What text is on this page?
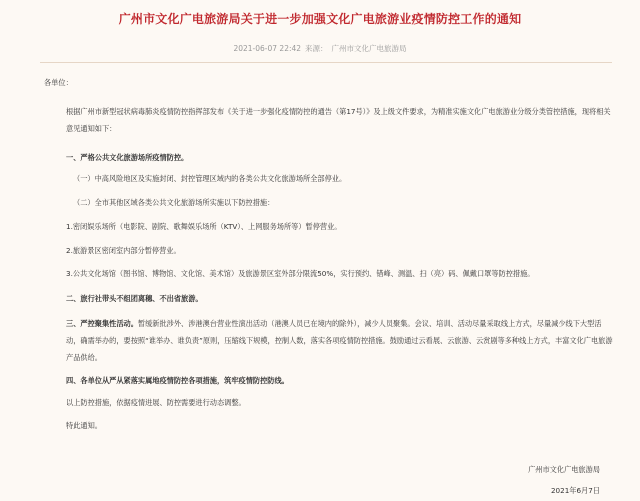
广州市文化广电旅游局关于进一步加强文化广电旅游业疫情防控工作的通知
2021-06-07 22:42 来源： 广州市文化广电旅游局
各单位：
根据广州市新型冠状病毒肺炎疫情防控指挥部发布《关于进一步强化疫情防控的通告（第17号）》及上级文件要求，为精准实施文化广电旅游业分级分类管控措施，现将相关意见通知如下：
一、严格公共文化旅游场所疫情防控。
（一）中高风险地区及实施封闭、封控管理区域内的各类公共文化旅游场所全部停业。
（二）全市其他区域各类公共文化旅游场所实施以下防控措施：
1.密闭娱乐场所（电影院、剧院、歌舞娱乐场所（KTV）、上网服务场所等）暂停营业。
2.旅游景区密闭室内部分暂停营业。
3.公共文化场馆（图书馆、博物馆、文化馆、美术馆）及旅游景区室外部分限流50%，实行预约、错峰、测温、扫（亮）码、佩戴口罩等防控措施。
二、旅行社带头不组团离穗、不出省旅游。
三、严控聚集性活动。暂缓新批涉外、涉港澳台营业性演出活动（港澳人员已在境内的除外），减少人员聚集。会议、培训、活动尽量采取线上方式，尽量减少线下大型活动，确需举办的，要按照“谁举办、谁负责”原则，压缩线下规模，控制人数，落实各项疫情防控措施。鼓励通过云看展、云旅游、云赏剧等多种线上方式，丰富文化广电旅游产品供给。
四、各单位从严从紧落实属地疫情防控各项措施，筑牢疫情防控防线。
以上防控措施，依据疫情进展、防控需要进行动态调整。
特此通知。
广州市文化广电旅游局
2021年6月7日
